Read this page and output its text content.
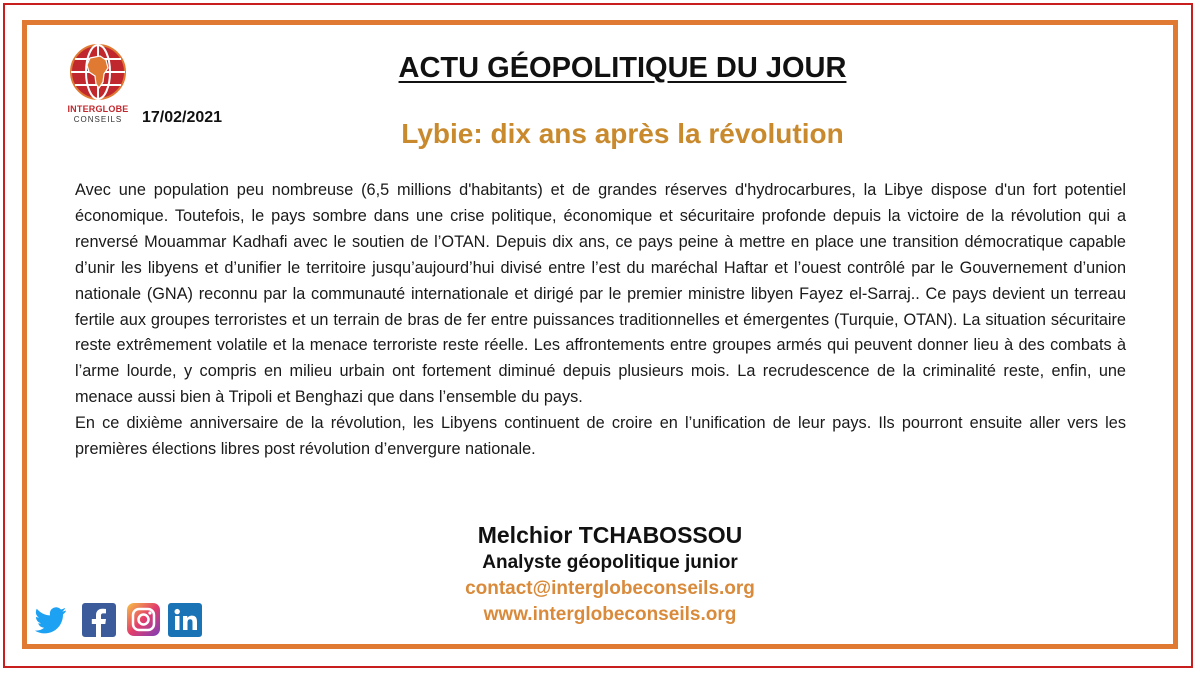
INTERGLOBE
CONSEILS	17/02/2021
ACTU GÉOPOLITIQUE DU JOUR
Lybie: dix ans après la révolution

Avec une population peu nombreuse (6,5 millions d'habitants) et de grandes réserves d'hydrocarbures, la Libye dispose d'un fort potentiel économique. Toutefois, le pays sombre dans une crise politique, économique et sécuritaire profonde depuis la victoire de la révolution qui a renversé Mouammar Kadhafi avec le soutien de l’OTAN. Depuis dix ans, ce pays peine à mettre en place une transition démocratique capable d’unir les libyens et d’unifier le territoire jusqu’aujourd’hui divisé entre l’est du maréchal Haftar et l’ouest contrôlé par le Gouvernement d’union nationale (GNA) reconnu par la communauté internationale et dirigé par le premier ministre libyen Fayez el-Sarraj.. Ce pays devient un terreau fertile aux groupes terroristes et un terrain de bras de fer entre puissances traditionnelles et émergentes (Turquie, OTAN). La situation sécuritaire reste extrêmement volatile et la menace terroriste reste réelle. Les affrontements entre groupes armés qui peuvent donner lieu à des combats à l’arme lourde, y compris en milieu urbain ont fortement diminué depuis plusieurs mois. La recrudescence de la criminalité reste, enfin, une menace aussi bien à Tripoli et Benghazi que dans l’ensemble du pays.

En ce dixième anniversaire de la révolution, les Libyens continuent de croire en l’unification de leur pays. Ils pourront ensuite aller vers les premières élections libres post révolution d’envergure nationale.

Melchior TCHABOSSOU
Analyste géopolitique junior
contact@interglobeconseils.org
www.interglobeconseils.org
